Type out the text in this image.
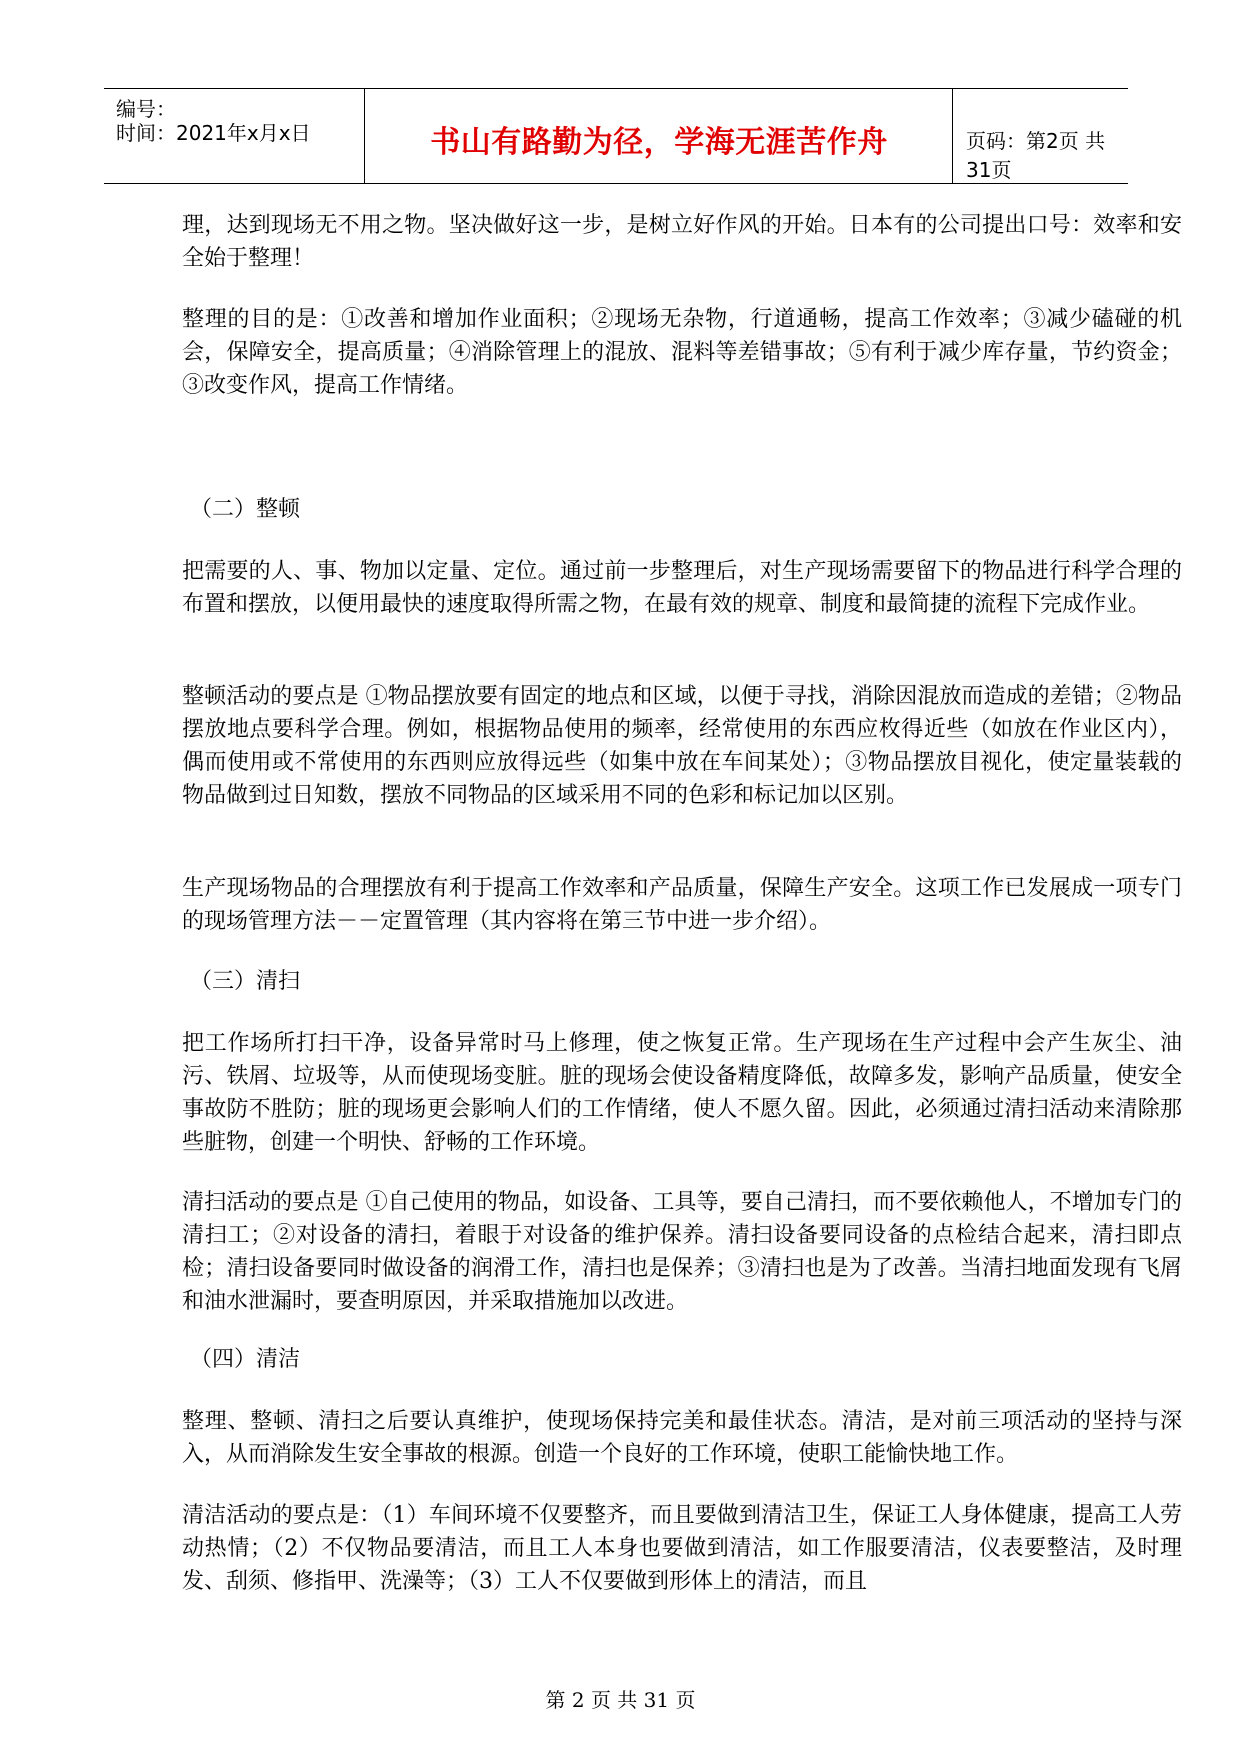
编号：
时间：2021年x月x日	书山有路勤为径，学海无涯苦作舟	页码：第2页 共31页

理，达到现场无不用之物。坚决做好这一步，是树立好作风的开始。日本有的公司提出口号：效率和安全始于整理！

整理的目的是：①改善和增加作业面积；②现场无杂物，行道通畅，提高工作效率；③减少磕碰的机会，保障安全，提高质量；④消除管理上的混放、混料等差错事故；⑤有利于减少库存量，节约资金；③改变作风，提高工作情绪。

（二）整顿

把需要的人、事、物加以定量、定位。通过前一步整理后，对生产现场需要留下的物品进行科学合理的布置和摆放，以便用最快的速度取得所需之物，在最有效的规章、制度和最简捷的流程下完成作业。

整顿活动的要点是 ①物品摆放要有固定的地点和区域，以便于寻找，消除因混放而造成的差错；②物品摆放地点要科学合理。例如，根据物品使用的频率，经常使用的东西应枚得近些（如放在作业区内），偶而使用或不常使用的东西则应放得远些（如集中放在车间某处）；③物品摆放目视化，使定量装载的物品做到过日知数，摆放不同物品的区域采用不同的色彩和标记加以区别。

生产现场物品的合理摆放有利于提高工作效率和产品质量，保障生产安全。这项工作已发展成一项专门的现场管理方法－－定置管理（其内容将在第三节中进一步介绍）。

（三）清扫

把工作场所打扫干净，设备异常时马上修理，使之恢复正常。生产现场在生产过程中会产生灰尘、油污、铁屑、垃圾等，从而使现场变脏。脏的现场会使设备精度降低，故障多发，影响产品质量，使安全事故防不胜防；脏的现场更会影响人们的工作情绪，使人不愿久留。因此，必须通过清扫活动来清除那些脏物，创建一个明快、舒畅的工作环境。

清扫活动的要点是 ①自己使用的物品，如设备、工具等，要自己清扫，而不要依赖他人，不增加专门的清扫工；②对设备的清扫，着眼于对设备的维护保养。清扫设备要同设备的点检结合起来，清扫即点检；清扫设备要同时做设备的润滑工作，清扫也是保养；③清扫也是为了改善。当清扫地面发现有飞屑和油水泄漏时，要查明原因，并采取措施加以改进。

（四）清洁

整理、整顿、清扫之后要认真维护，使现场保持完美和最佳状态。清洁，是对前三项活动的坚持与深入，从而消除发生安全事故的根源。创造一个良好的工作环境，使职工能愉快地工作。

清洁活动的要点是：（1）车间环境不仅要整齐，而且要做到清洁卫生，保证工人身体健康，提高工人劳动热情；（2）不仅物品要清洁，而且工人本身也要做到清洁，如工作服要清洁，仪表要整洁，及时理发、刮须、修指甲、洗澡等；（3）工人不仅要做到形体上的清洁，而且

第 2 页 共 31 页
